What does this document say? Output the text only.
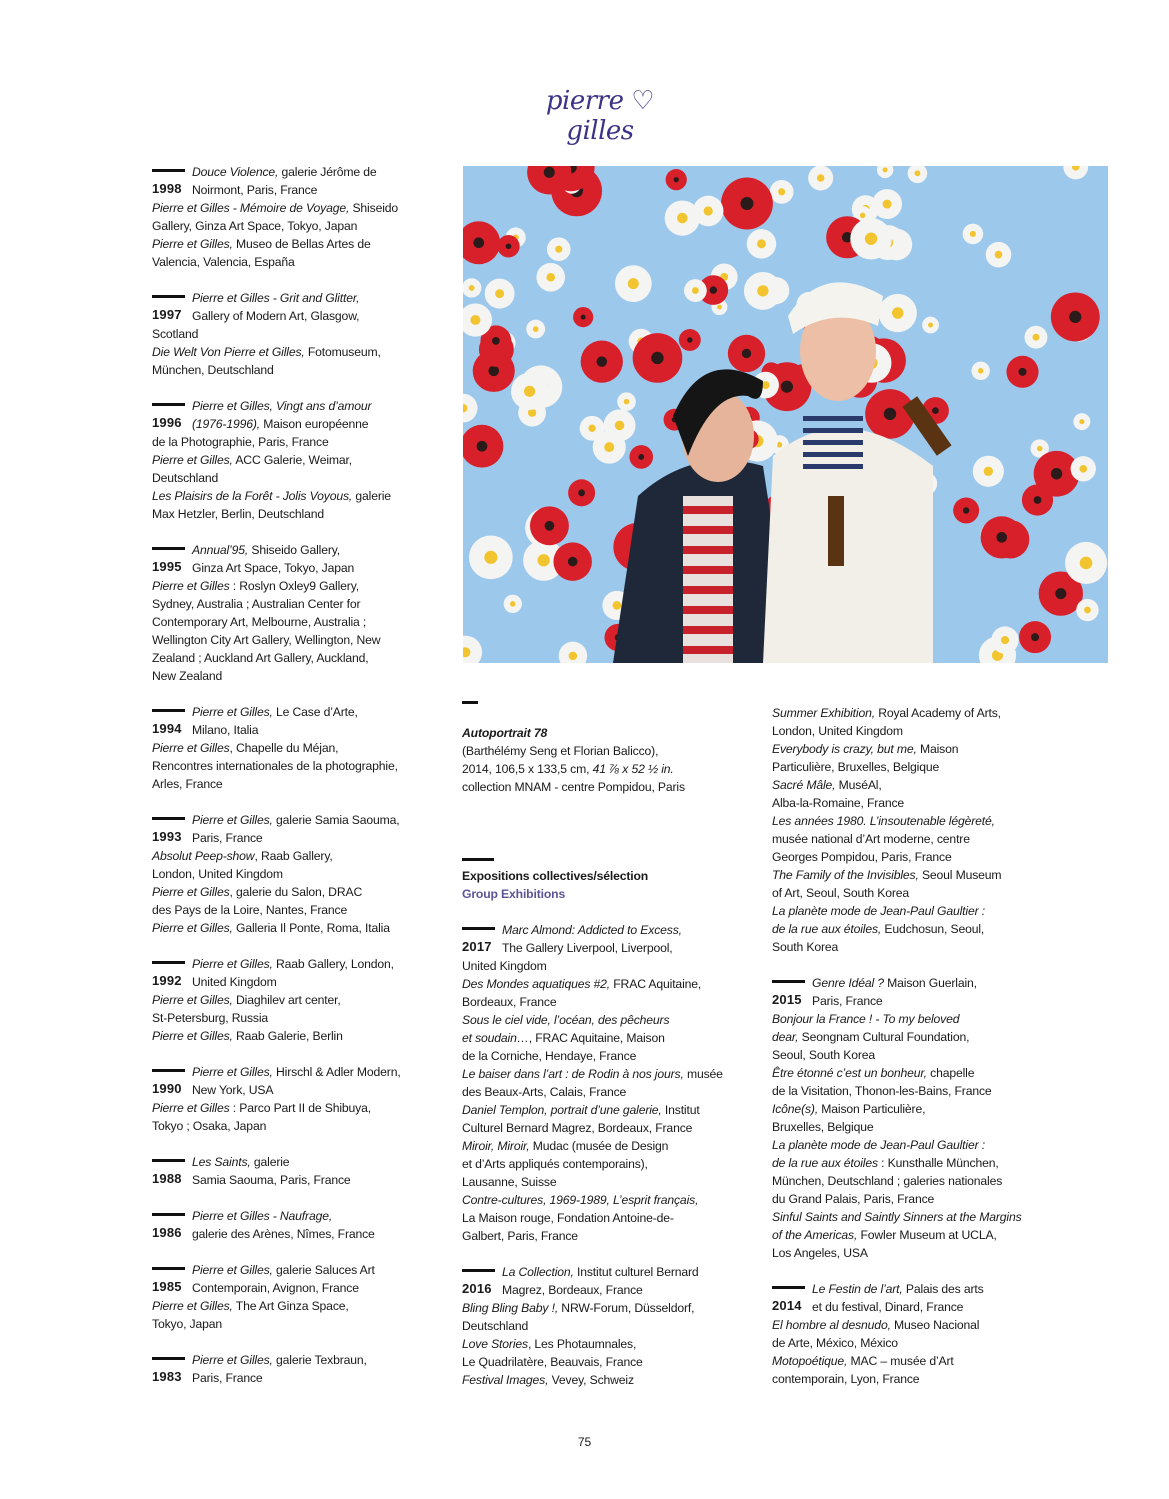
pierre ♡ gilles
1998
Douce Violence, galerie Jérôme de
Noirmont, Paris, France
Pierre et Gilles - Mémoire de Voyage, Shiseido
Gallery, Ginza Art Space, Tokyo, Japan
Pierre et Gilles, Museo de Bellas Artes de
Valencia, Valencia, España
1997
Pierre et Gilles - Grit and Glitter,
Gallery of Modern Art, Glasgow,
Scotland
Die Welt Von Pierre et Gilles, Fotomuseum,
München, Deutschland
1996
Pierre et Gilles, Vingt ans d’amour
(1976-1996), Maison européenne
de la Photographie, Paris, France
Pierre et Gilles, ACC Galerie, Weimar,
Deutschland
Les Plaisirs de la Forêt - Jolis Voyous, galerie
Max Hetzler, Berlin, Deutschland
1995
Annual’95, Shiseido Gallery,
Ginza Art Space, Tokyo, Japan
Pierre et Gilles : Roslyn Oxley9 Gallery,
Sydney, Australia ; Australian Center for
Contemporary Art, Melbourne, Australia ;
Wellington City Art Gallery, Wellington, New
Zealand ; Auckland Art Gallery, Auckland,
New Zealand
1994
Pierre et Gilles, Le Case d’Arte,
Milano, Italia
Pierre et Gilles, Chapelle du Méjan,
Rencontres internationales de la photographie,
Arles, France
1993
Pierre et Gilles, galerie Samia Saouma,
Paris, France
Absolut Peep-show, Raab Gallery,
London, United Kingdom
Pierre et Gilles, galerie du Salon, DRAC
des Pays de la Loire, Nantes, France
Pierre et Gilles, Galleria Il Ponte, Roma, Italia
1992
Pierre et Gilles, Raab Gallery, London,
United Kingdom
Pierre et Gilles, Diaghilev art center,
St-Petersburg, Russia
Pierre et Gilles, Raab Galerie, Berlin
1990
Pierre et Gilles, Hirschl & Adler Modern,
New York, USA
Pierre et Gilles : Parco Part II de Shibuya,
Tokyo ; Osaka, Japan
1988
Les Saints, galerie
Samia Saouma, Paris, France
1986
Pierre et Gilles - Naufrage,
galerie des Arènes, Nîmes, France
1985
Pierre et Gilles, galerie Saluces Art
Contemporain, Avignon, France
Pierre et Gilles, The Art Ginza Space,
Tokyo, Japan
1983
Pierre et Gilles, galerie Texbraun,
Paris, France
Autoportrait 78
(Barthélémy Seng et Florian Balicco),
2014, 106,5 x 133,5 cm, 41 ⅞ x 52 ½ in.
collection MNAM - centre Pompidou, Paris
Expositions collectives/sélection
Group Exhibitions
2017
Marc Almond: Addicted to Excess,
The Gallery Liverpool, Liverpool,
United Kingdom
Des Mondes aquatiques #2, FRAC Aquitaine,
Bordeaux, France
Sous le ciel vide, l’océan, des pêcheurs
et soudain…, FRAC Aquitaine, Maison
de la Corniche, Hendaye, France
Le baiser dans l’art : de Rodin à nos jours, musée
des Beaux-Arts, Calais, France
Daniel Templon, portrait d’une galerie, Institut
Culturel Bernard Magrez, Bordeaux, France
Miroir, Miroir, Mudac (musée de Design
et d’Arts appliqués contemporains),
Lausanne, Suisse
Contre-cultures, 1969-1989, L’esprit français,
La Maison rouge, Fondation Antoine-de-
Galbert, Paris, France
2016
La Collection, Institut culturel Bernard
Magrez, Bordeaux, France
Bling Bling Baby !, NRW-Forum, Düsseldorf,
Deutschland
Love Stories, Les Photaumnales,
Le Quadrilatère, Beauvais, France
Festival Images, Vevey, Schweiz
Summer Exhibition, Royal Academy of Arts,
London, United Kingdom
Everybody is crazy, but me, Maison
Particulière, Bruxelles, Belgique
Sacré Mâle, MuséAl,
Alba-la-Romaine, France
Les années 1980. L’insoutenable légèreté,
musée national d’Art moderne, centre
Georges Pompidou, Paris, France
The Family of the Invisibles, Seoul Museum
of Art, Seoul, South Korea
La planète mode de Jean-Paul Gaultier :
de la rue aux étoiles, Eudchosun, Seoul,
South Korea
2015
Genre Idéal ? Maison Guerlain,
Paris, France
Bonjour la France ! - To my beloved
dear, Seongnam Cultural Foundation,
Seoul, South Korea
Être étonné c’est un bonheur, chapelle
de la Visitation, Thonon-les-Bains, France
Icône(s), Maison Particulière,
Bruxelles, Belgique
La planète mode de Jean-Paul Gaultier :
de la rue aux étoiles : Kunsthalle München,
München, Deutschland ; galeries nationales
du Grand Palais, Paris, France
Sinful Saints and Saintly Sinners at the Margins
of the Americas, Fowler Museum at UCLA,
Los Angeles, USA
2014
Le Festin de l’art, Palais des arts
et du festival, Dinard, France
El hombre al desnudo, Museo Nacional
de Arte, México, México
Motopoétique, MAC – musée d’Art
contemporain, Lyon, France
75
